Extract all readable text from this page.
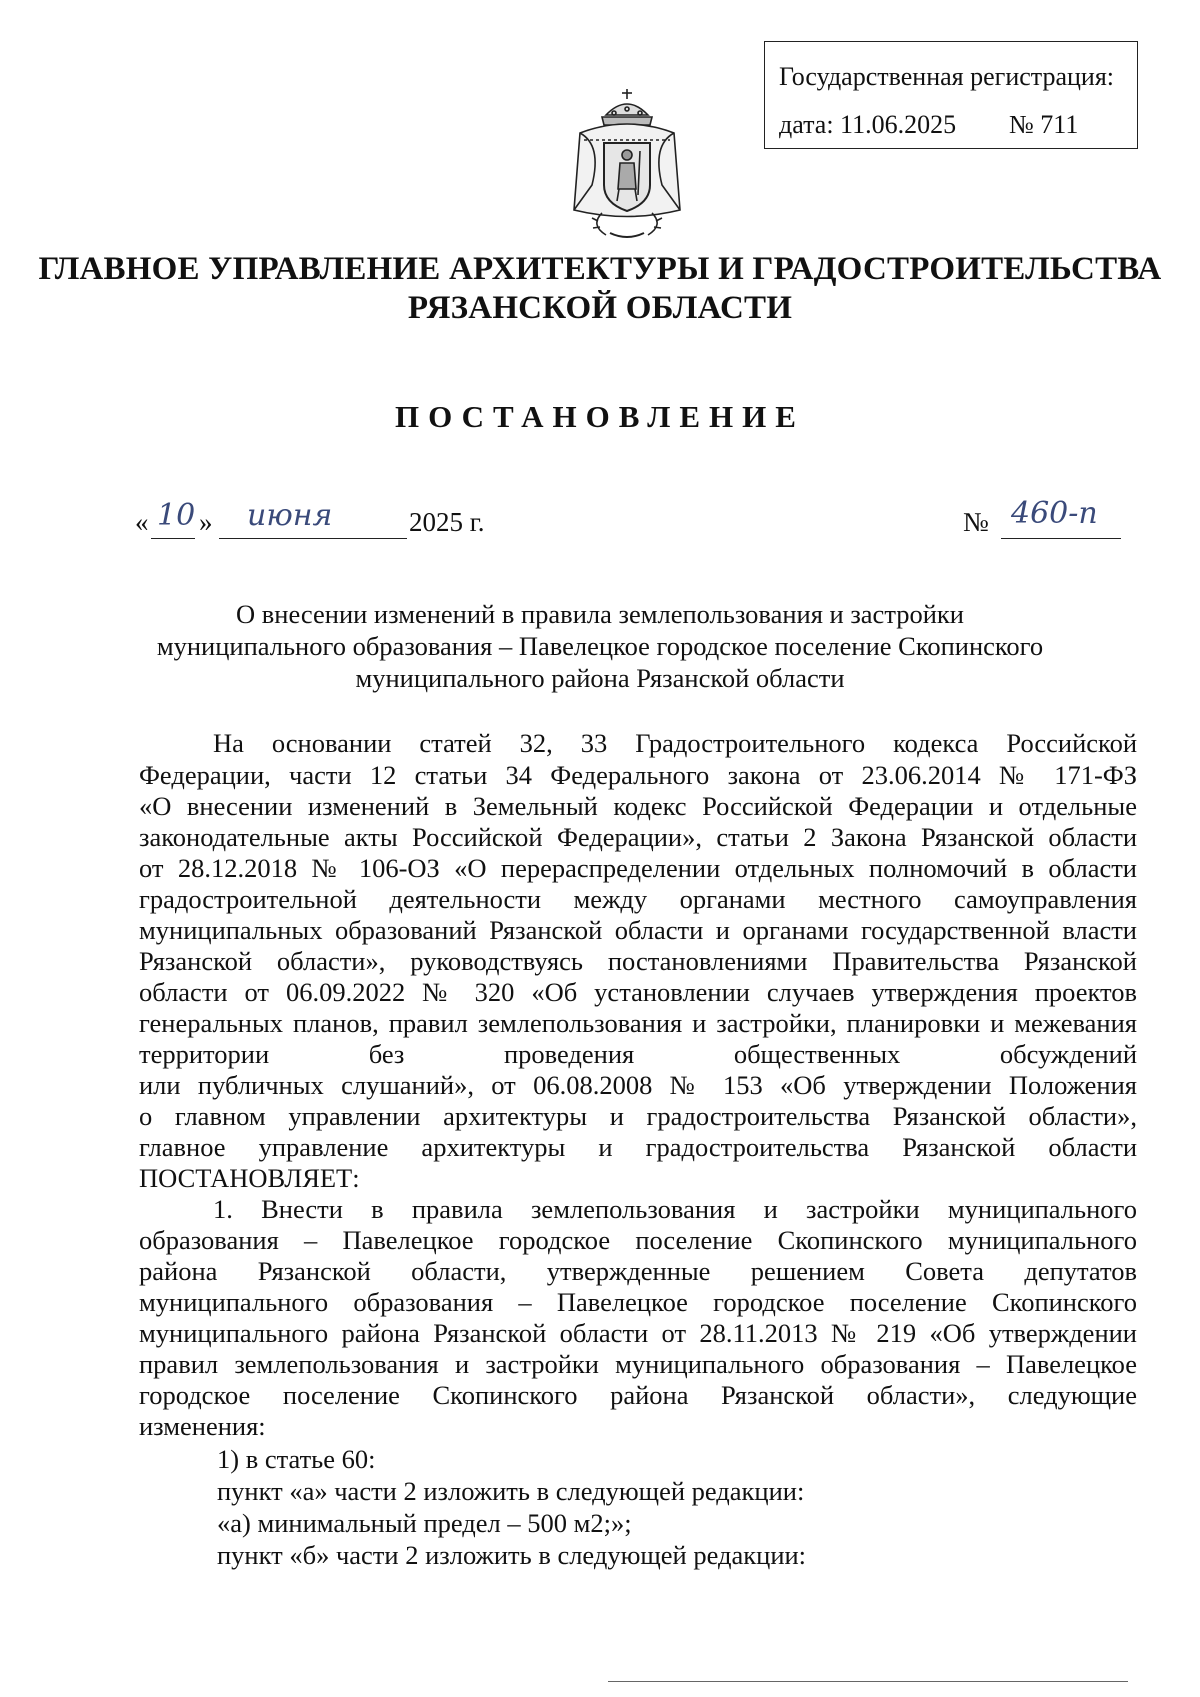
Государственная регистрация:
дата: 11.06.2025 № 711
ГЛАВНОЕ УПРАВЛЕНИЕ АРХИТЕКТУРЫ И ГРАДОСТРОИТЕЛЬСТВА
РЯЗАНСКОЙ ОБЛАСТИ
ПОСТАНОВЛЕНИЕ
« 10 » июня	2025 г.	№ 460-п
О внесении изменений в правила землепользования и застройки
муниципального образования – Павелецкое городское поселение Скопинского
муниципального района Рязанской области
На основании статей 32, 33 Градостроительного кодекса Российской
Федерации, части 12 статьи 34 Федерального закона от 23.06.2014 № 171-ФЗ
«О внесении изменений в Земельный кодекс Российской Федерации и отдельные
законодательные акты Российской Федерации», статьи 2 Закона Рязанской области
от 28.12.2018 № 106-ОЗ «О перераспределении отдельных полномочий в области
градостроительной деятельности между органами местного самоуправления
муниципальных образований Рязанской области и органами государственной власти
Рязанской области», руководствуясь постановлениями Правительства Рязанской
области от 06.09.2022 № 320 «Об установлении случаев утверждения проектов
генеральных планов, правил землепользования и застройки, планировки и межевания
территории без проведения общественных обсуждений
или публичных слушаний», от 06.08.2008 № 153 «Об утверждении Положения
о главном управлении архитектуры и градостроительства Рязанской области»,
главное управление архитектуры и градостроительства Рязанской области
ПОСТАНОВЛЯЕТ:
1. Внести в правила землепользования и застройки муниципального
образования – Павелецкое городское поселение Скопинского муниципального
района Рязанской области, утвержденные решением Совета депутатов
муниципального образования – Павелецкое городское поселение Скопинского
муниципального района Рязанской области от 28.11.2013 № 219 «Об утверждении
правил землепользования и застройки муниципального образования – Павелецкое
городское поселение Скопинского района Рязанской области», следующие
изменения:
1) в статье 60:
пункт «а» части 2 изложить в следующей редакции:
«а) минимальный предел – 500 м2;»;
пункт «б» части 2 изложить в следующей редакции:
